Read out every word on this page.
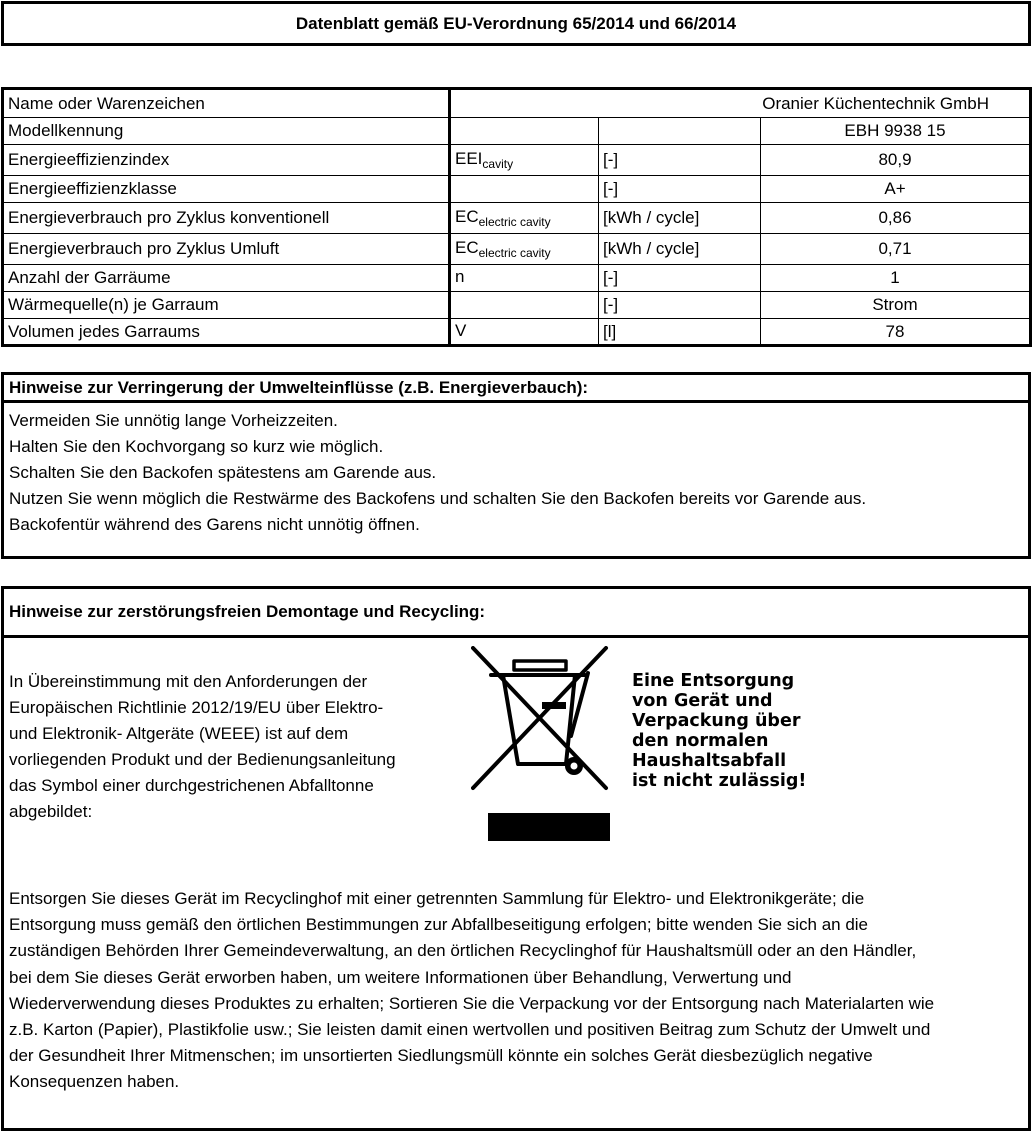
Datenblatt gemäß EU-Verordnung 65/2014 und 66/2014
Name oder Warenzeichen	Oranier Küchentechnik GmbH		
Modellkennung			EBH 9938 15
Energieeffizienzindex	$EEI_{cavity}$	[-]	80,9
Energieeffizienzklasse		[-]	A+
Energieverbrauch pro Zyklus konventionell	$EC_{electric cavity}$	[kWh / cycle]	0,86
Energieverbrauch pro Zyklus Umluft	$EC_{electric cavity}$	[kWh / cycle]	0,71
Anzahl der Garräume	n	[-]	1
Wärmequelle(n) je Garraum		[-]	Strom
Volumen jedes Garraums	V	[l]	78
Hinweise zur Verringerung der Umwelteinflüsse (z.B. Energieverbauch):
Vermeiden Sie unnötig lange Vorheizzeiten.
Halten Sie den Kochvorgang so kurz wie möglich.
Schalten Sie den Backofen spätestens am Garende aus.
Nutzen Sie wenn möglich die Restwärme des Backofens und schalten Sie den Backofen bereits vor Garende aus.
Backofentür während des Garens nicht unnötig öffnen.
Hinweise zur zerstörungsfreien Demontage und Recycling:
In Übereinstimmung mit den Anforderungen der
Europäischen Richtlinie 2012/19/EU über Elektro-
und Elektronik- Altgeräte (WEEE) ist auf dem
vorliegenden Produkt und der Bedienungsanleitung
das Symbol einer durchgestrichenen Abfalltonne
abgebildet:
Eine Entsorgung
von Gerät und
Verpackung über
den normalen
Haushaltsabfall
ist nicht zulässig!
Entsorgen Sie dieses Gerät im Recyclinghof mit einer getrennten Sammlung für Elektro- und Elektronikgeräte; die
Entsorgung muss gemäß den örtlichen Bestimmungen zur Abfallbeseitigung erfolgen; bitte wenden Sie sich an die
zuständigen Behörden Ihrer Gemeindeverwaltung, an den örtlichen Recyclinghof für Haushaltsmüll oder an den Händler,
bei dem Sie dieses Gerät erworben haben, um weitere Informationen über Behandlung, Verwertung und
Wiederverwendung dieses Produktes zu erhalten; Sortieren Sie die Verpackung vor der Entsorgung nach Materialarten wie
z.B. Karton (Papier), Plastikfolie usw.; Sie leisten damit einen wertvollen und positiven Beitrag zum Schutz der Umwelt und
der Gesundheit Ihrer Mitmenschen; im unsortierten Siedlungsmüll könnte ein solches Gerät diesbezüglich negative
Konsequenzen haben.
